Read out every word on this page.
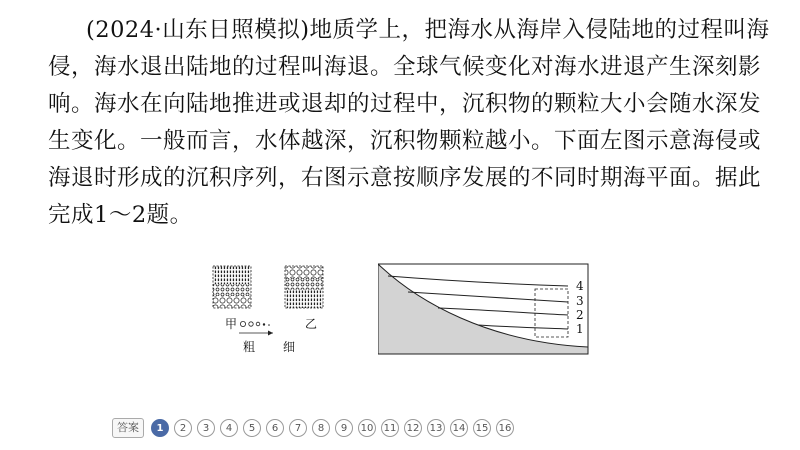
(2024·山东日照模拟)地质学上，把海水从海岸入侵陆地的过程叫海
侵，海水退出陆地的过程叫海退。全球气候变化对海水进退产生深刻影
响。海水在向陆地推进或退却的过程中，沉积物的颗粒大小会随水深发
生变化。一般而言，水体越深，沉积物颗粒越小。下面左图示意海侵或
海退时形成的沉积序列，右图示意按顺序发展的不同时期海平面。据此
完成1～2题。
甲	乙
粗 细
4
3
2
1
答案	1	2	3	4	5	6	7	8	9	10 11 12 13 14 15 16
